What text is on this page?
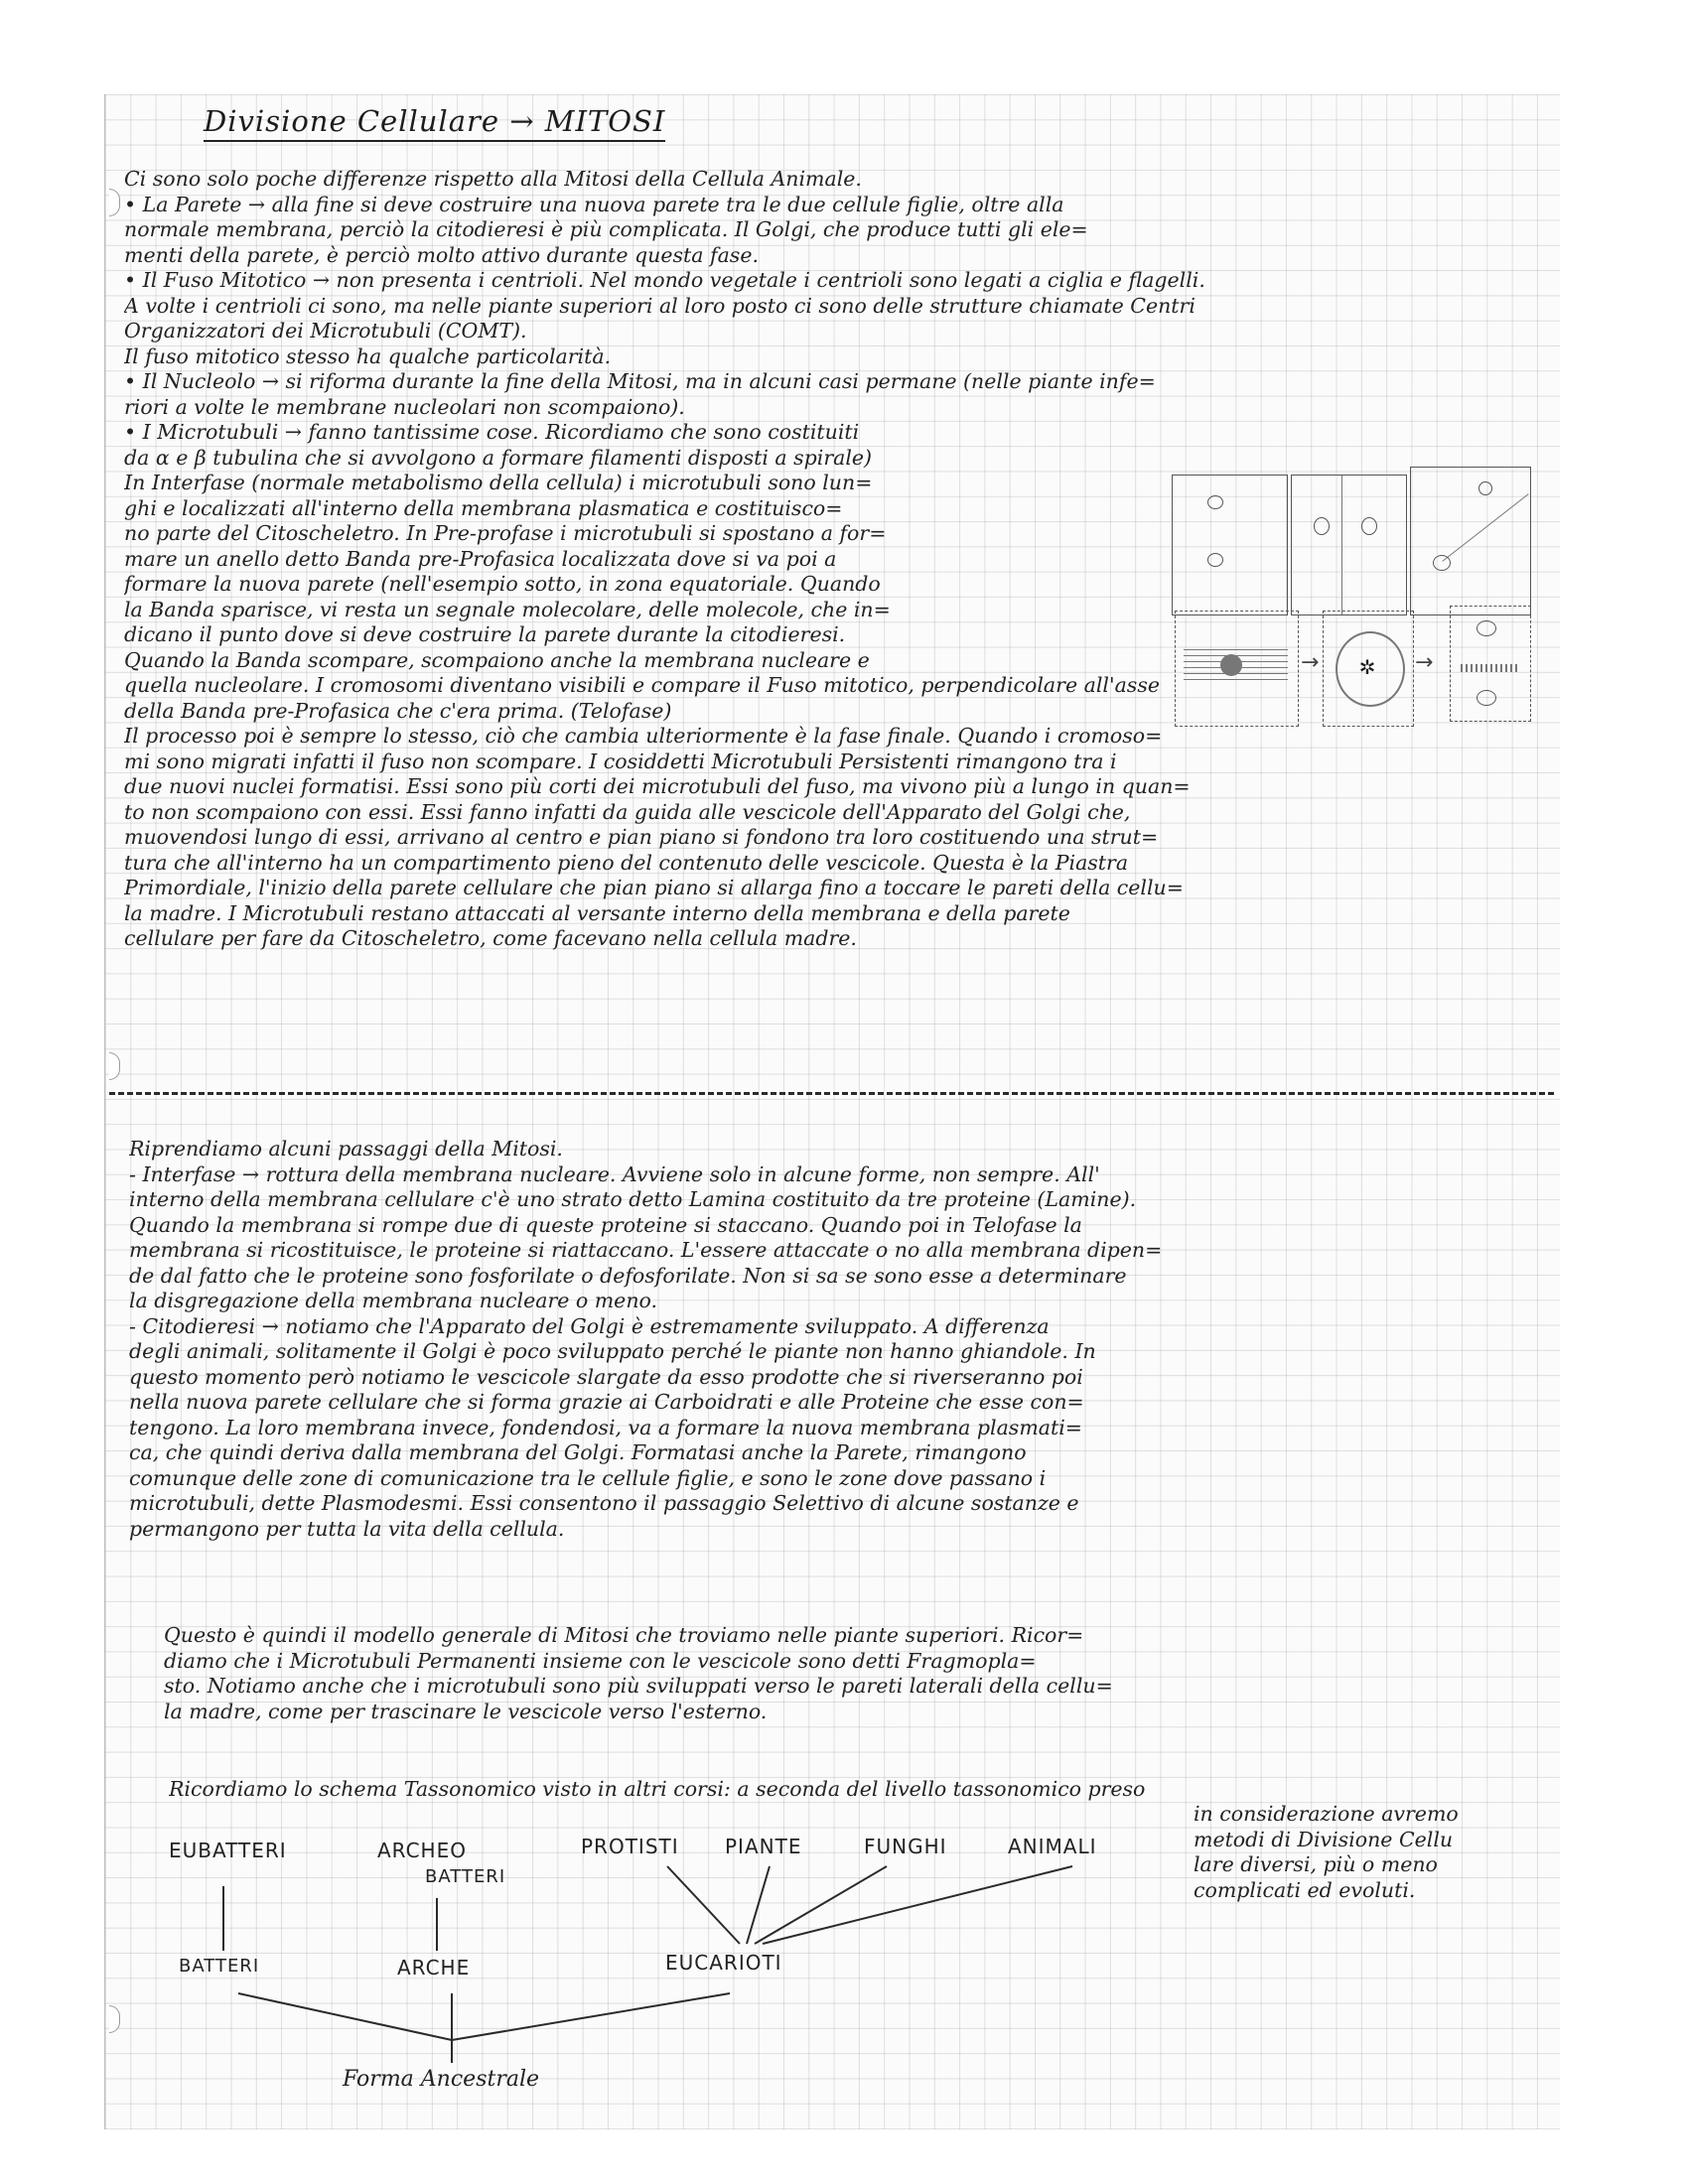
Divisione Cellulare → MITOSI
Ci sono solo poche differenze rispetto alla Mitosi della Cellula Animale.
• La Parete → alla fine si deve costruire una nuova parete tra le due cellule figlie, oltre alla
normale membrana, perciò la citodieresi è più complicata. Il Golgi, che produce tutti gli ele=
menti della parete, è perciò molto attivo durante questa fase.
• Il Fuso Mitotico → non presenta i centrioli. Nel mondo vegetale i centrioli sono legati a ciglia e flagelli.
A volte i centrioli ci sono, ma nelle piante superiori al loro posto ci sono delle strutture chiamate Centri
Organizzatori dei Microtubuli (COMT).
Il fuso mitotico stesso ha qualche particolarità.
• Il Nucleolo → si riforma durante la fine della Mitosi, ma in alcuni casi permane (nelle piante infe=
riori a volte le membrane nucleolari non scompaiono).
• I Microtubuli → fanno tantissime cose. Ricordiamo che sono costituiti
da α e β tubulina che si avvolgono a formare filamenti disposti a spirale)
In Interfase (normale metabolismo della cellula) i microtubuli sono lun=
ghi e localizzati all'interno della membrana plasmatica e costituisco=
no parte del Citoscheletro. In Pre-profase i microtubuli si spostano a for=
mare un anello detto Banda pre-Profasica localizzata dove si va poi a
formare la nuova parete (nell'esempio sotto, in zona equatoriale. Quando
la Banda sparisce, vi resta un segnale molecolare, delle molecole, che in=
dicano il punto dove si deve costruire la parete durante la citodieresi.
Quando la Banda scompare, scompaiono anche la membrana nucleare e
quella nucleolare. I cromosomi diventano visibili e compare il Fuso mitotico, perpendicolare all'asse
della Banda pre-Profasica che c'era prima. (Telofase)
Il processo poi è sempre lo stesso, ciò che cambia ulteriormente è la fase finale. Quando i cromoso=
mi sono migrati infatti il fuso non scompare. I cosiddetti Microtubuli Persistenti rimangono tra i
due nuovi nuclei formatisi. Essi sono più corti dei microtubuli del fuso, ma vivono più a lungo in quan=
to non scompaiono con essi. Essi fanno infatti da guida alle vescicole dell'Apparato del Golgi che,
muovendosi lungo di essi, arrivano al centro e pian piano si fondono tra loro costituendo una strut=
tura che all'interno ha un compartimento pieno del contenuto delle vescicole. Questa è la Piastra
Primordiale, l'inizio della parete cellulare che pian piano si allarga fino a toccare le pareti della cellu=
la madre. I Microtubuli restano attaccati al versante interno della membrana e della parete
cellulare per fare da Citoscheletro, come facevano nella cellula madre.
→ ✲ →
Riprendiamo alcuni passaggi della Mitosi.
- Interfase → rottura della membrana nucleare. Avviene solo in alcune forme, non sempre. All'
interno della membrana cellulare c'è uno strato detto Lamina costituito da tre proteine (Lamine).
Quando la membrana si rompe due di queste proteine si staccano. Quando poi in Telofase la
membrana si ricostituisce, le proteine si riattaccano. L'essere attaccate o no alla membrana dipen=
de dal fatto che le proteine sono fosforilate o defosforilate. Non si sa se sono esse a determinare
la disgregazione della membrana nucleare o meno.
- Citodieresi → notiamo che l'Apparato del Golgi è estremamente sviluppato. A differenza
degli animali, solitamente il Golgi è poco sviluppato perché le piante non hanno ghiandole. In
questo momento però notiamo le vescicole slargate da esso prodotte che si riverseranno poi
nella nuova parete cellulare che si forma grazie ai Carboidrati e alle Proteine che esse con=
tengono. La loro membrana invece, fondendosi, va a formare la nuova membrana plasmati=
ca, che quindi deriva dalla membrana del Golgi. Formatasi anche la Parete, rimangono
comunque delle zone di comunicazione tra le cellule figlie, e sono le zone dove passano i
microtubuli, dette Plasmodesmi. Essi consentono il passaggio Selettivo di alcune sostanze e
permangono per tutta la vita della cellula.
Questo è quindi il modello generale di Mitosi che troviamo nelle piante superiori. Ricor=
diamo che i Microtubuli Permanenti insieme con le vescicole sono detti Fragmopla=
sto. Notiamo anche che i microtubuli sono più sviluppati verso le pareti laterali della cellu=
la madre, come per trascinare le vescicole verso l'esterno.
Ricordiamo lo schema Tassonomico visto in altri corsi: a seconda del livello tassonomico preso
in considerazione avremo
metodi di Divisione Cellu
lare diversi, più o meno
complicati ed evoluti.
EUBATTERI	ARCHEO
BATTERI
PROTISTI PIANTE	FUNGHI	ANIMALI
BATTERI	ARCHE	EUCARIOTI
Forma Ancestrale
